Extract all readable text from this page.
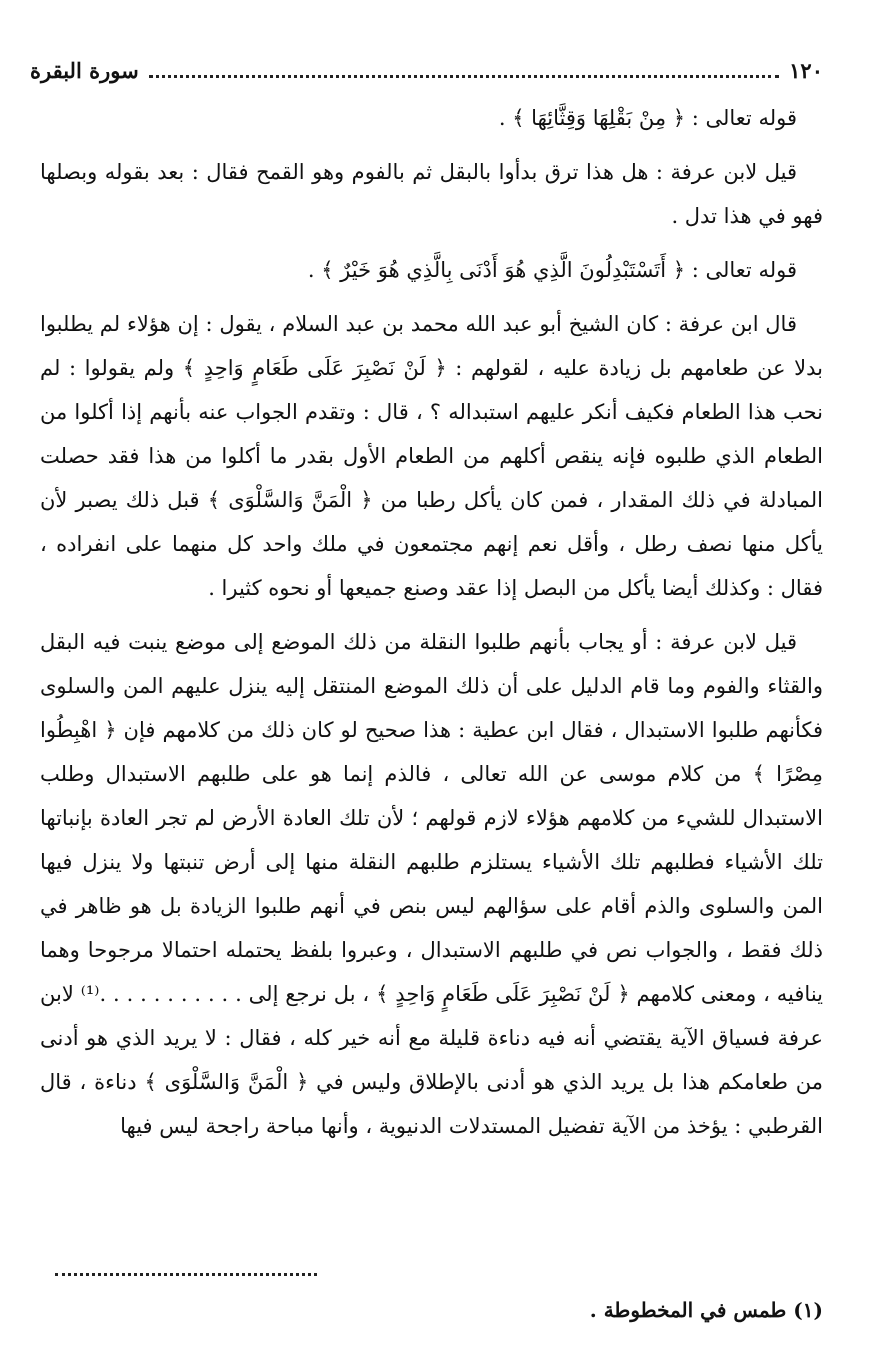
١٢٠
سورة البقرة

قوله تعالى : ﴿ مِنْ بَقْلِهَا وَقِثَّائِهَا ﴾ .

قيل لابن عرفة : هل هذا ترق بدأوا بالبقل ثم بالفوم وهو القمح فقال : بعد بقوله وبصلها فهو في هذا تدل .

قوله تعالى : ﴿ أَتَسْتَبْدِلُونَ الَّذِي هُوَ أَدْنَى بِالَّذِي هُوَ خَيْرٌ ﴾ .

قال ابن عرفة : كان الشيخ أبو عبد الله محمد بن عبد السلام ، يقول : إن هؤلاء لم يطلبوا بدلا عن طعامهم بل زيادة عليه ، لقولهم : ﴿ لَنْ نَصْبِرَ عَلَى طَعَامٍ وَاحِدٍ ﴾ ولم يقولوا : لم نحب هذا الطعام فكيف أنكر عليهم استبداله ؟ ، قال : وتقدم الجواب عنه بأنهم إذا أكلوا من الطعام الذي طلبوه فإنه ينقص أكلهم من الطعام الأول بقدر ما أكلوا من هذا فقد حصلت المبادلة في ذلك المقدار ، فمن كان يأكل رطبا من ﴿ الْمَنَّ وَالسَّلْوَى ﴾ قبل ذلك يصبر لأن يأكل منها نصف رطل ، وأقل نعم إنهم مجتمعون في ملك واحد كل منهما على انفراده ، فقال : وكذلك أيضا يأكل من البصل إذا عقد وصنع جميعها أو نحوه كثيرا .

قيل لابن عرفة : أو يجاب بأنهم طلبوا النقلة من ذلك الموضع إلى موضع ينبت فيه البقل والقثاء والفوم وما قام الدليل على أن ذلك الموضع المنتقل إليه ينزل عليهم المن والسلوى فكأنهم طلبوا الاستبدال ، فقال ابن عطية : هذا صحيح لو كان ذلك من كلامهم فإن ﴿ اهْبِطُوا مِصْرًا ﴾ من كلام موسى عن الله تعالى ، فالذم إنما هو على طلبهم الاستبدال وطلب الاستبدال للشيء من كلامهم هؤلاء لازم قولهم ؛ لأن تلك العادة الأرض لم تجر العادة بإنباتها تلك الأشياء فطلبهم تلك الأشياء يستلزم طلبهم النقلة منها إلى أرض تنبتها ولا ينزل فيها المن والسلوى والذم أقام على سؤالهم ليس بنص في أنهم طلبوا الزيادة بل هو ظاهر في ذلك فقط ، والجواب نص في طلبهم الاستبدال ، وعبروا بلفظ يحتمله احتمالا مرجوحا وهما ينافيه ، ومعنى كلامهم ﴿ لَنْ نَصْبِرَ عَلَى طَعَامٍ وَاحِدٍ ﴾ ، بل نرجع إلى . . . . . . . . . . .⁽¹⁾ لابن عرفة فسياق الآية يقتضي أنه فيه دناءة قليلة مع أنه خير كله ، فقال : لا يريد الذي هو أدنى من طعامكم هذا بل يريد الذي هو أدنى بالإطلاق وليس في ﴿ الْمَنَّ وَالسَّلْوَى ﴾ دناءة ، قال القرطبي : يؤخذ من الآية تفضيل المستدلات الدنيوية ، وأنها مباحة راجحة ليس فيها

(١) طمس في المخطوطة .
